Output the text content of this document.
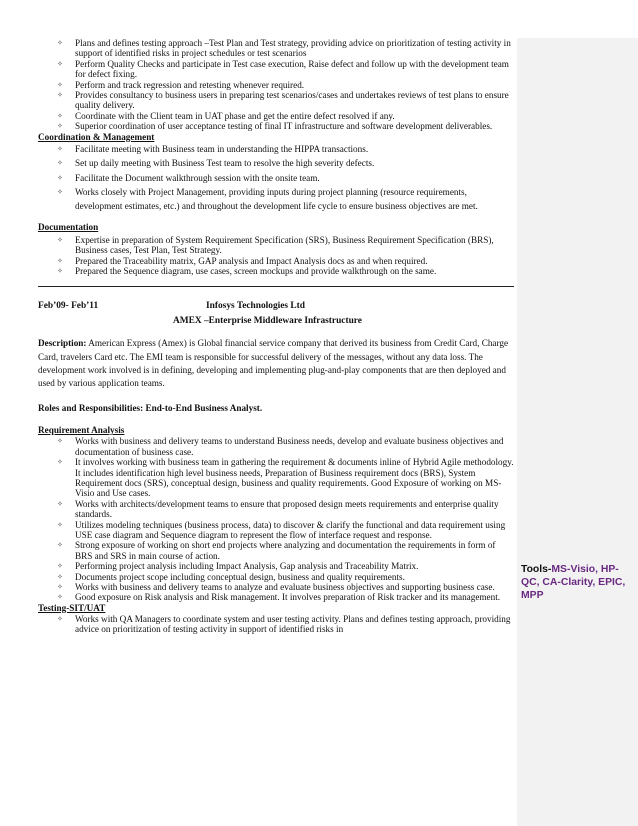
✧ Plans and defines testing approach –Test Plan and Test strategy, providing advice on prioritization of testing activity in support of identified risks in project schedules or test scenarios
✧ Perform Quality Checks and participate in Test case execution, Raise defect and follow up with the development team for defect fixing.
✧ Perform and track regression and retesting whenever required.
✧ Provides consultancy to business users in preparing test scenarios/cases and undertakes reviews of test plans to ensure quality delivery.
✧ Coordinate with the Client team in UAT phase and get the entire defect resolved if any.
✧ Superior coordination of user acceptance testing of final IT infrastructure and software development deliverables.
Coordination & Management
✧ Facilitate meeting with Business team in understanding the HIPPA transactions.
✧ Set up daily meeting with Business Test team to resolve the high severity defects.
✧ Facilitate the Document walkthrough session with the onsite team.
✧ Works closely with Project Management, providing inputs during project planning (resource requirements, development estimates, etc.) and throughout the development life cycle to ensure business objectives are met.
Documentation
✧ Expertise in preparation of System Requirement Specification (SRS), Business Requirement Specification (BRS), Business cases, Test Plan, Test Strategy.
✧ Prepared the Traceability matrix, GAP analysis and Impact Analysis docs as and when required.
✧ Prepared the Sequence diagram, use cases, screen mockups and provide walkthrough on the same.
Feb’09- Feb’11	Infosys Technologies Ltd
AMEX –Enterprise Middleware Infrastructure

Description: American Express (Amex) is Global financial service company that derived its business from Credit Card, Charge Card, travelers Card etc. The EMI team is responsible for successful delivery of the messages, without any data loss. The development work involved is in defining, developing and implementing plug-and-play components that are then deployed and used by various application teams.

Roles and Responsibilities: End-to-End Business Analyst.
Requirement Analysis
✧ Works with business and delivery teams to understand Business needs, develop and evaluate business objectives and documentation of business case.
✧ It involves working with business team in gathering the requirement & documents inline of Hybrid Agile methodology. It includes identification high level business needs, Preparation of Business requirement docs (BRS), System Requirement docs (SRS), conceptual design, business and quality requirements. Good Exposure of working on MS-Visio and Use cases.
✧ Works with architects/development teams to ensure that proposed design meets requirements and enterprise quality standards.
✧ Utilizes modeling techniques (business process, data) to discover & clarify the functional and data requirement using USE case diagram and Sequence diagram to represent the flow of interface request and response.
✧ Strong exposure of working on short end projects where analyzing and documentation the requirements in form of BRS and SRS in main course of action.
✧ Performing project analysis including Impact Analysis, Gap analysis and Traceability Matrix.
✧ Documents project scope including conceptual design, business and quality requirements.
✧ Works with business and delivery teams to analyze and evaluate business objectives and supporting business case.
✧ Good exposure on Risk analysis and Risk management. It involves preparation of Risk tracker and its management.
Testing-SIT/UAT
✧ Works with QA Managers to coordinate system and user testing activity. Plans and defines testing approach, providing advice on prioritization of testing activity in support of identified risks in
Tools-MS-Visio, HP-QC, CA-Clarity, EPIC, MPP
